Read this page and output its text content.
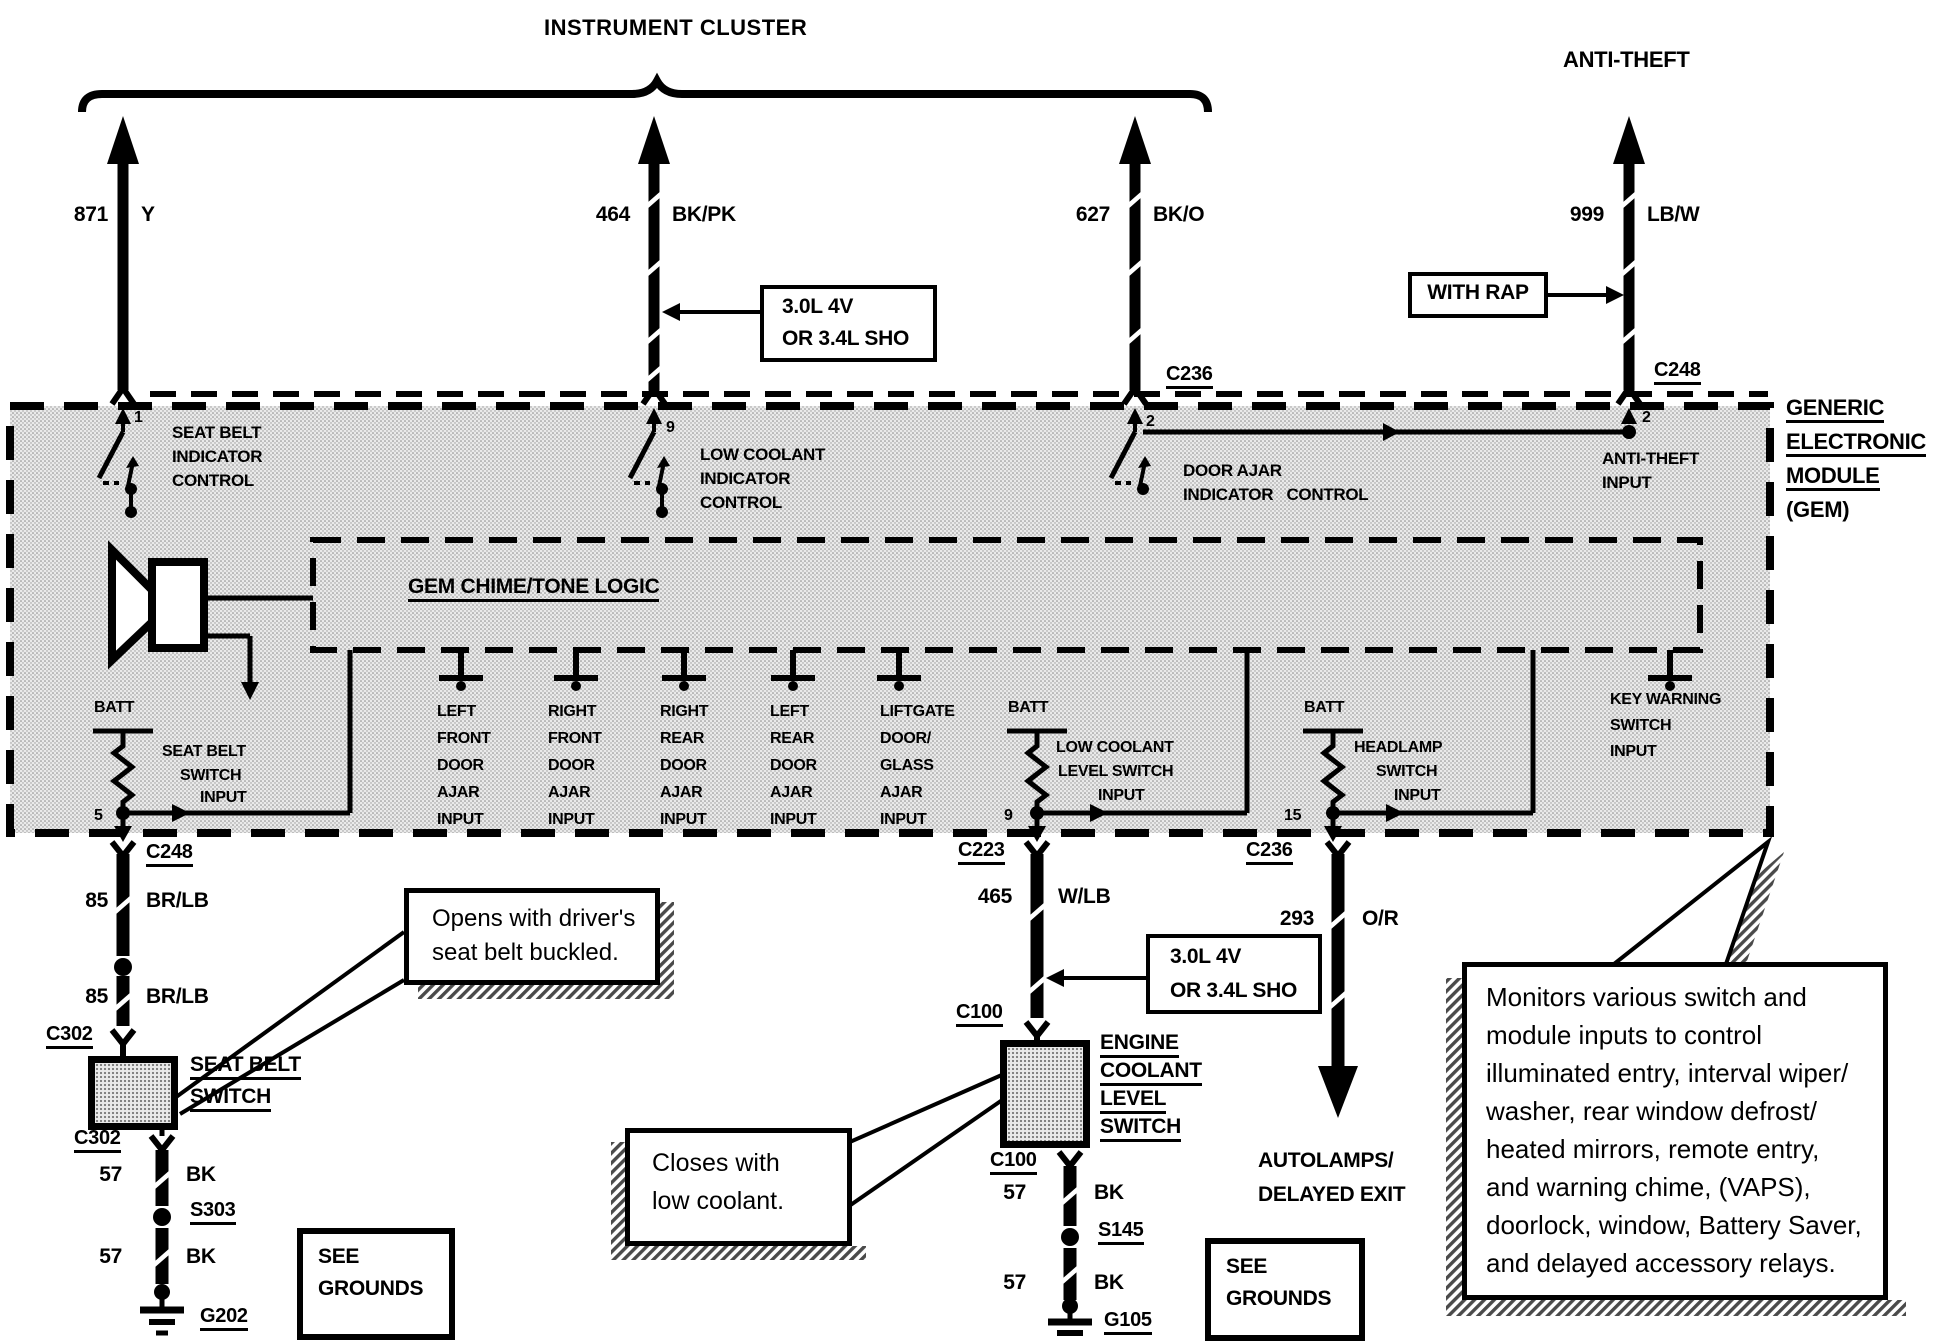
INSTRUMENT CLUSTER
ANTI-THEFT
871 Y	464 BK/PK	627 BK/O	999 LB/W
3.0L 4V
OR 3.4L SHO
WITH RAP
3.0L 4V
OR 3.4L SHO
C236	C248
GENERIC
ELECTRONIC
MODULE
(GEM)
1
9	2	2
5	9	15
SEAT BELT
INDICATOR
CONTROL
LOW COOLANT
INDICATOR
CONTROL
DOOR AJAR
INDICATOR   CONTROL
ANTI-THEFT
INPUT
GEM CHIME/TONE LOGIC
LEFT
FRONT
DOOR
AJAR
INPUT
RIGHT
FRONT
DOOR
AJAR
INPUT
RIGHT
REAR
DOOR
AJAR
INPUT
LEFT
REAR
DOOR
AJAR
INPUT
LIFTGATE
DOOR/
GLASS
AJAR
INPUT
KEY WARNING
SWITCH
INPUT
BATT	BATT	BATT
SEAT BELT
SWITCH
INPUT
LOW COOLANT
LEVEL SWITCH
INPUT
HEADLAMP
SWITCH
INPUT
C248
85 BR/LB
85 BR/LB
C302
SEAT BELT
SWITCH
C302
57	BK
S303
57	BK
G202
C223
465 W/LB
C100
ENGINE
COOLANT
LEVEL
SWITCH
C100
57	BK
S145
57	BK
G105
C236
293 O/R
AUTOLAMPS/
DELAYED EXIT
Opens with driver's
seat belt buckled.
Closes with
low coolant.
Monitors various switch and
module inputs to control
illuminated entry, interval wiper/
washer, rear window defrost/
heated mirrors, remote entry,
and warning chime, (VAPS),
doorlock, window, Battery Saver,
and delayed accessory relays.
SEE
GROUNDS
SEE
GROUNDS
